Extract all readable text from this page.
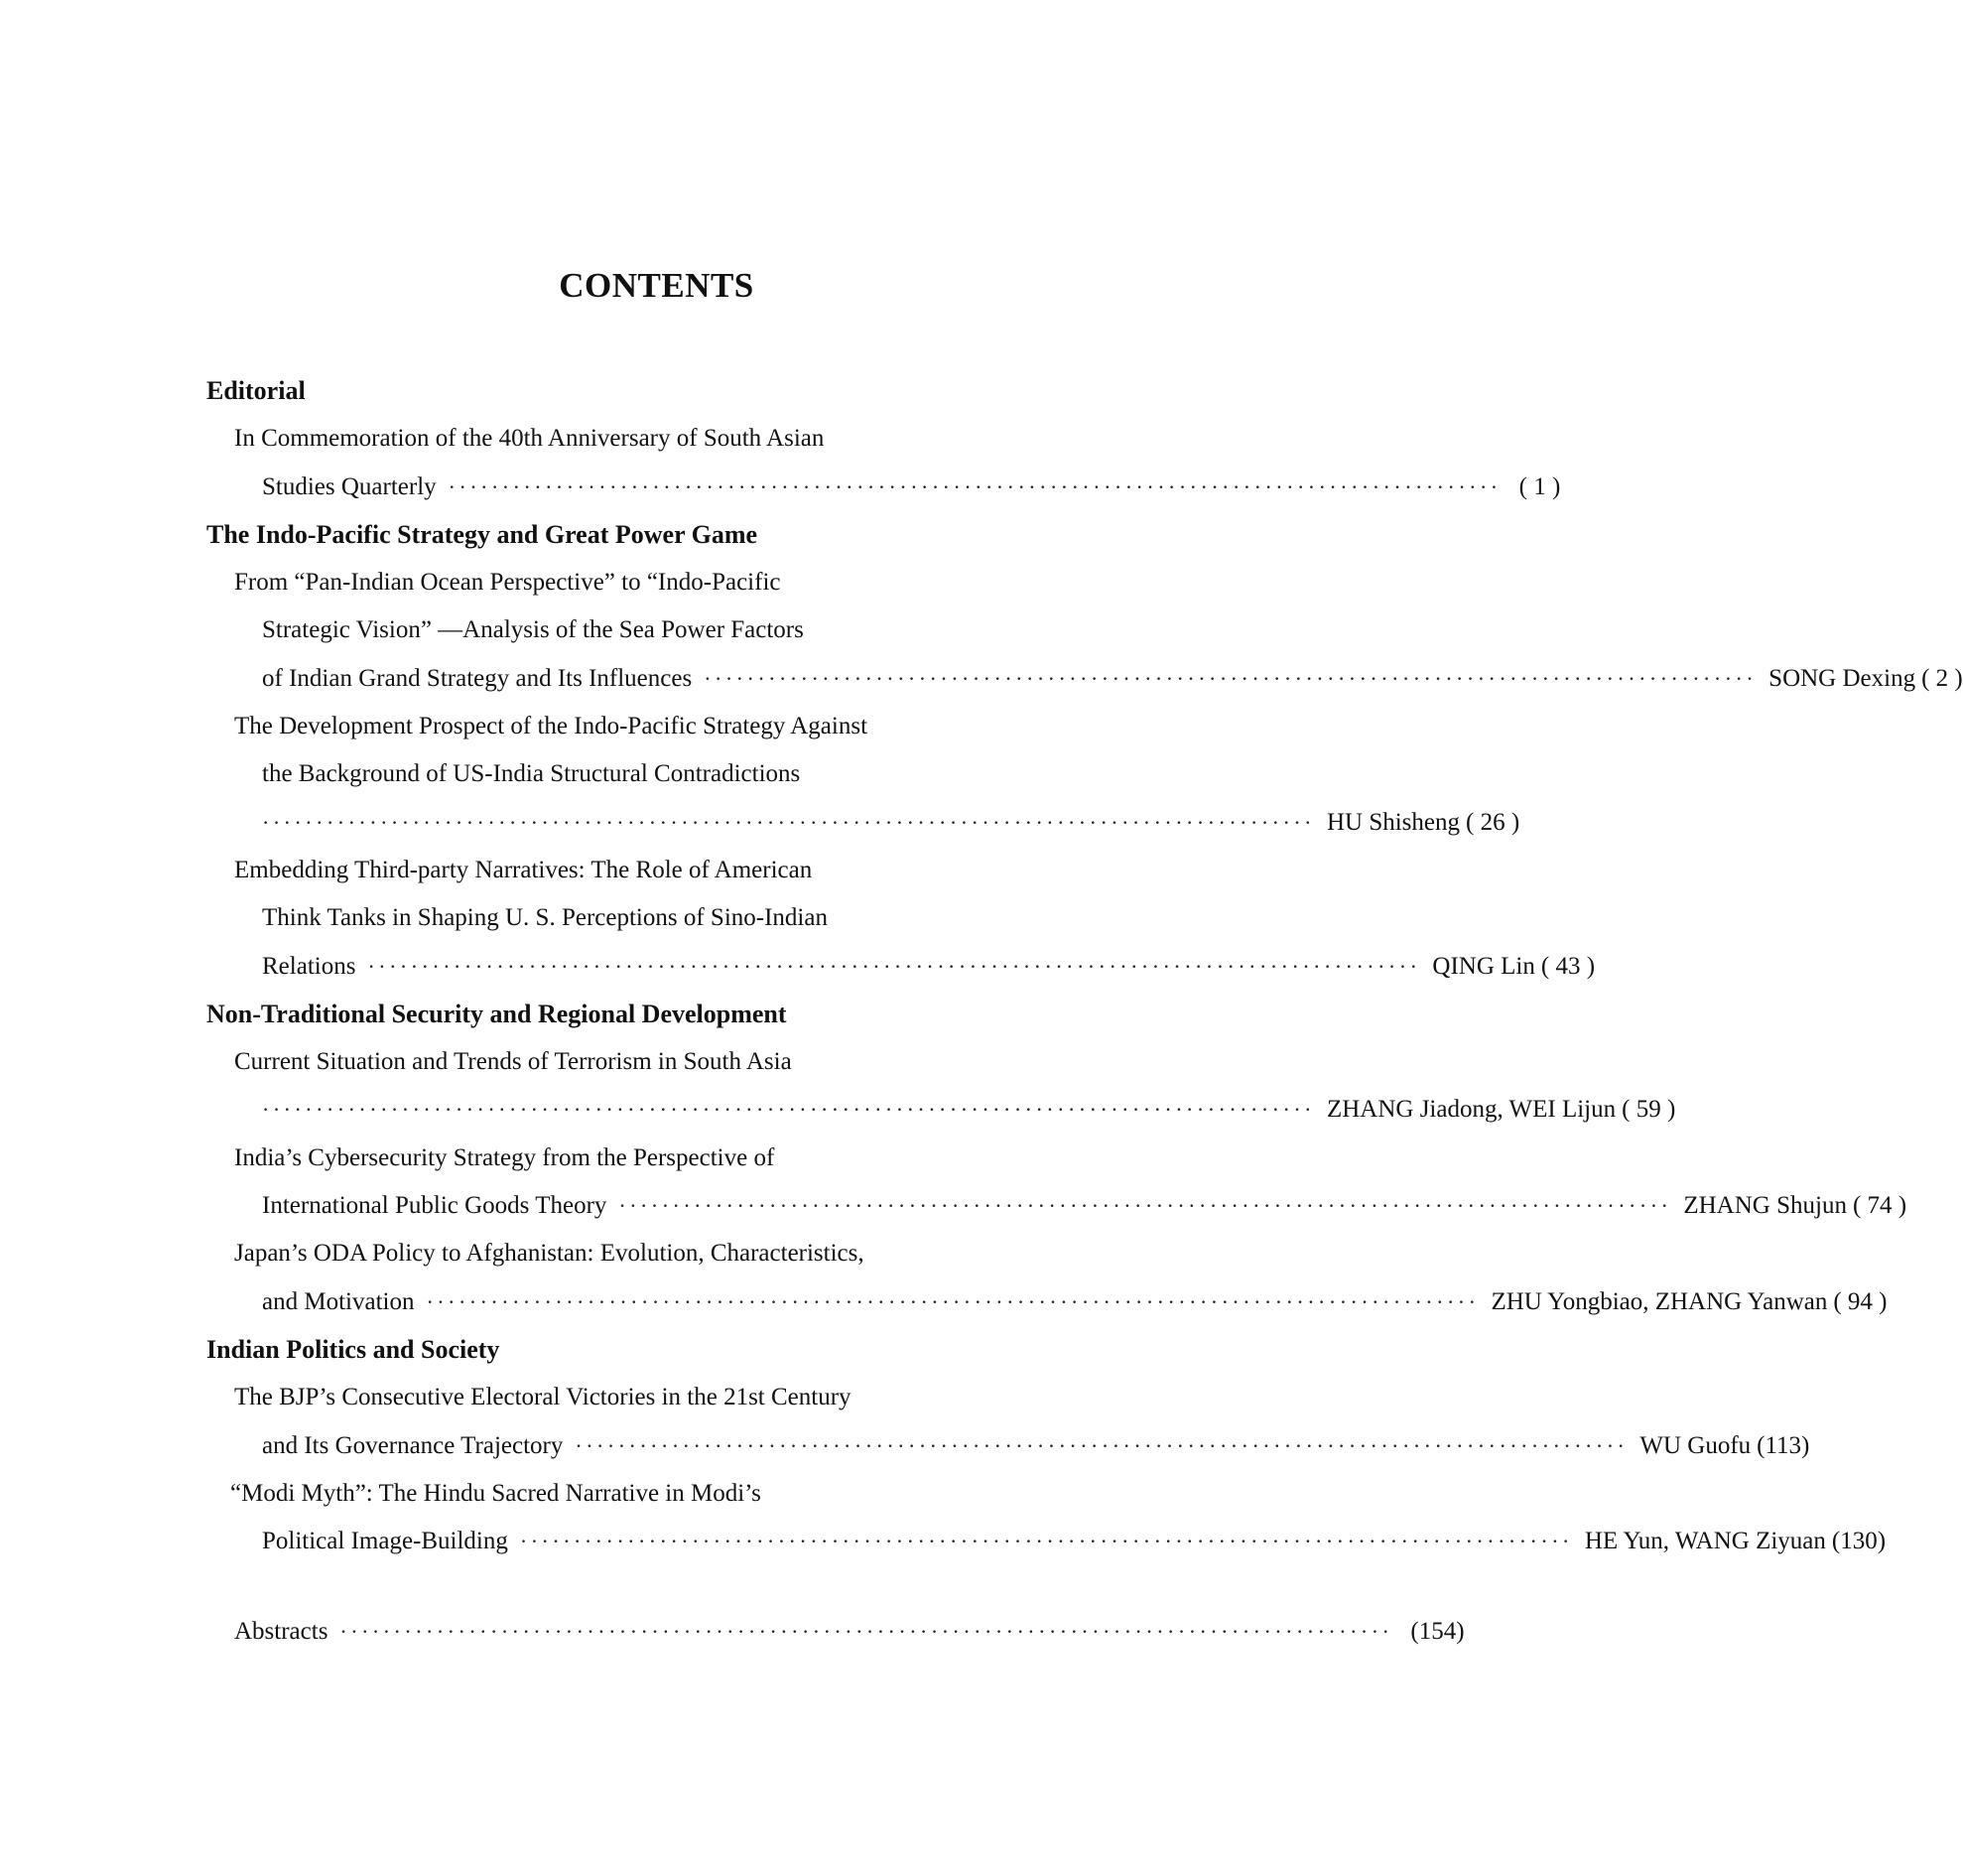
CONTENTS
Editorial
In Commemoration of the 40th Anniversary of South Asian
Studies Quarterly ·································································································· ( 1 )
The Indo-Pacific Strategy and Great Power Game
From “Pan-Indian Ocean Perspective” to “Indo-Pacific
Strategic Vision” —Analysis of the Sea Power Factors
of Indian Grand Strategy and Its Influences ·································································································· SONG Dexing ( 2 )
The Development Prospect of the Indo-Pacific Strategy Against
the Background of US-India Structural Contradictions
·································································································· HU Shisheng ( 26 )
Embedding Third-party Narratives: The Role of American
Think Tanks in Shaping U. S. Perceptions of Sino-Indian
Relations ·································································································· QING Lin ( 43 )
Non-Traditional Security and Regional Development
Current Situation and Trends of Terrorism in South Asia
·································································································· ZHANG Jiadong, WEI Lijun ( 59 )
India’s Cybersecurity Strategy from the Perspective of
International Public Goods Theory ·································································································· ZHANG Shujun ( 74 )
Japan’s ODA Policy to Afghanistan: Evolution, Characteristics,
and Motivation ·································································································· ZHU Yongbiao, ZHANG Yanwan ( 94 )
Indian Politics and Society
The BJP’s Consecutive Electoral Victories in the 21st Century
and Its Governance Trajectory ·································································································· WU Guofu (113)
“Modi Myth”: The Hindu Sacred Narrative in Modi’s
Political Image-Building ·································································································· HE Yun, WANG Ziyuan (130)
Abstracts ·································································································· (154)
